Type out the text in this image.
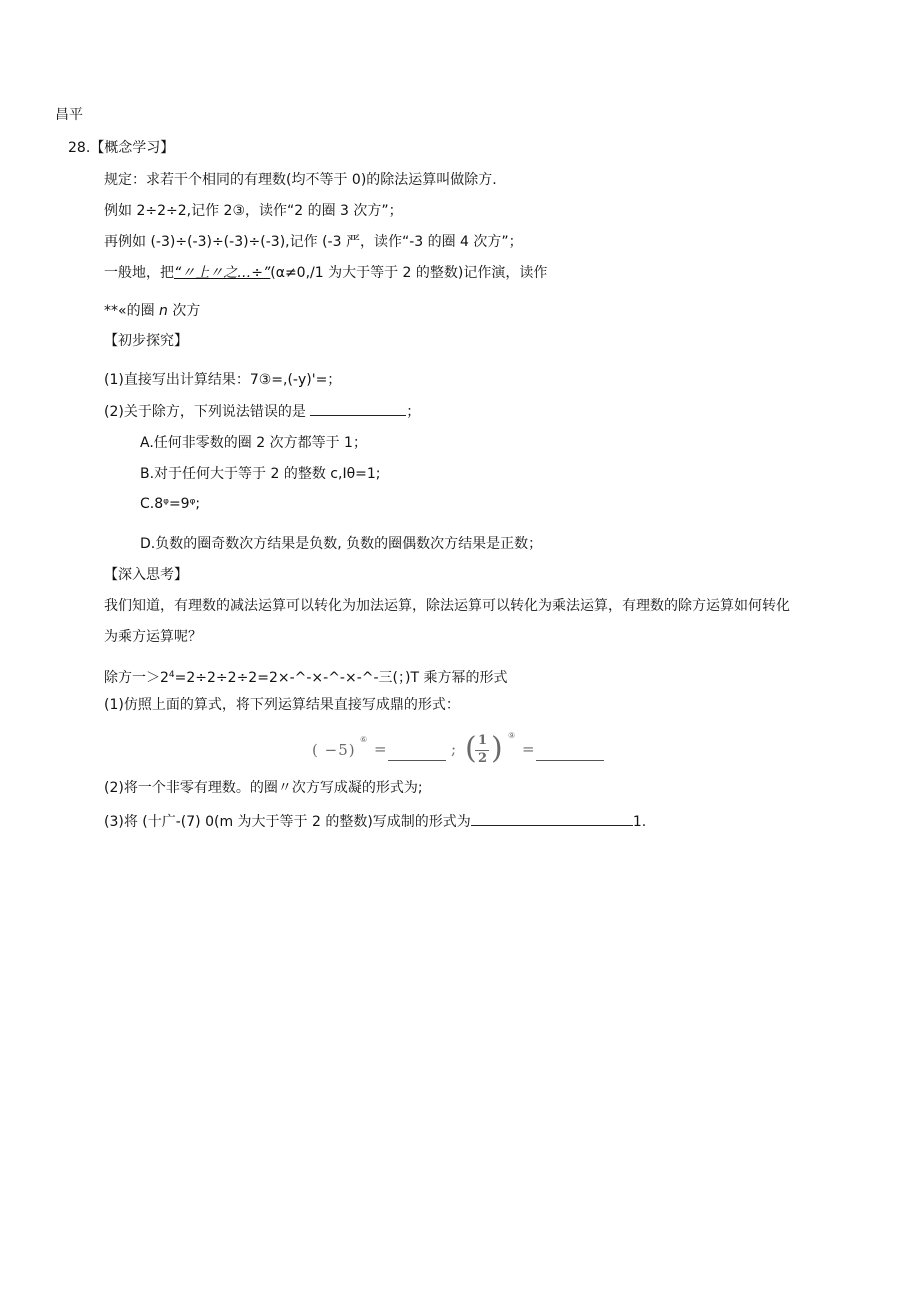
昌平
28.【概念学习】
规定：求若干个相同的有理数(均不等于 0)的除法运算叫做除方.
例如 2÷2÷2,记作 2③，读作“2 的圈 3 次方”；
再例如 (-3)÷(-3)÷(-3)÷(-3),记作 (-3 严，读作“-3 的圈 4 次方”；
一般地，把“〃上〃之…÷”(α≠0,/1 为大于等于 2 的整数)记作演，读作
**«的圈 n 次方
【初步探究】
(1)直接写出计算结果：7③=,(-y)'=；
(2)关于除方，下列说法错误的是	；
A.任何非零数的圈 2 次方都等于 1；
B.对于任何大于等于 2 的整数 c,Iθ=1;
C.8ᵠ=9ᵠ;
D.负数的圈奇数次方结果是负数, 负数的圈偶数次方结果是正数；
【深入思考】
我们知道，有理数的减法运算可以转化为加法运算，除法运算可以转化为乘法运算，有理数的除方运算如何转化
为乘方运算呢？
除方一$>2^4=2\div 2\div 2\div 2=2\times-\^{}-\times-\^{}-\times-\^{}-$三(；)T 乘方幂的形式
(1)仿照上面的算式，将下列运算结果直接写成鼎的形式：
( −5)
⑥
=	; ( 1
2 ) ⑨
=
(2)将一个非零有理数。的圈〃次方写成凝的形式为;
(3)将 (十广-(7) 0(m 为大于等于 2 的整数)写成制的形式为	1.
